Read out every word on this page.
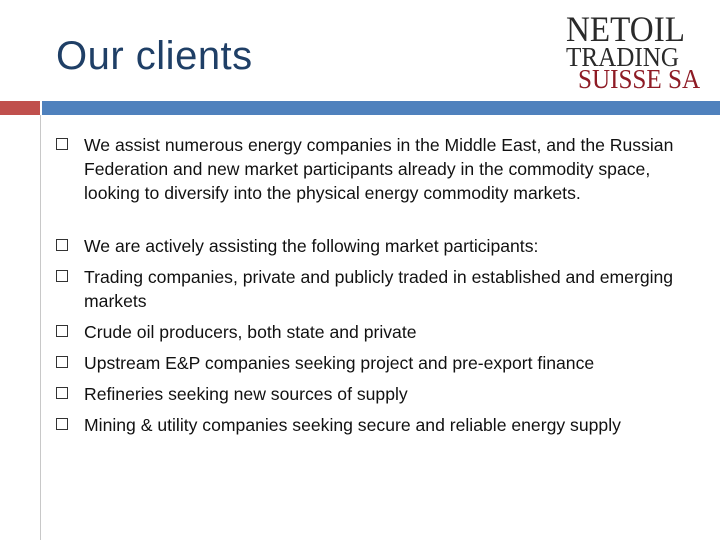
Our clients
NETOIL
TRADING
SUISSE SA
We assist numerous energy companies in the Middle East, and the Russian Federation and new market participants already in the commodity space, looking to diversify into the physical energy commodity markets.
We are actively assisting the following market participants:
Trading companies, private and publicly traded in established and emerging markets
Crude oil producers, both state and private
Upstream E&P companies seeking project and pre-export finance
Refineries seeking new sources of supply
Mining & utility companies seeking secure and reliable energy supply
